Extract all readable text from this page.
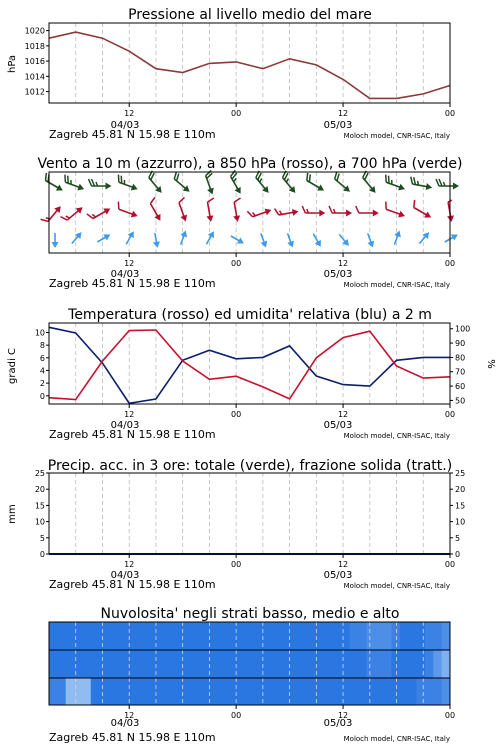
Pressione al livello medio del mare
hPa
1012
1014
1016
1018
1020
12	00	12	00
04/03	05/03
Zagreb 45.81 N 15.98 E 110m	Moloch model, CNR-ISAC, Italy
Vento a 10 m (azzurro), a 850 hPa (rosso), a 700 hPa (verde)
12	00	12	00
04/03	05/03
Zagreb 45.81 N 15.98 E 110m	Moloch model, CNR-ISAC, Italy
Temperatura (rosso) ed umidita' relativa (blu) a 2 m
gradi C	%
0
2
4
6
8
10
50
60
70
80
90
100
12	00	12	00
04/03	05/03
Zagreb 45.81 N 15.98 E 110m	Moloch model, CNR-ISAC, Italy
Precip. acc. in 3 ore: totale (verde), frazione solida (tratt.)
mm
0
5
10
15
20
25
0
5
10
15
20
25
12	00	12	00
04/03	05/03
Zagreb 45.81 N 15.98 E 110m	Moloch model, CNR-ISAC, Italy
Nuvolosita' negli strati basso, medio e alto
12	00	12	00
04/03	05/03
Zagreb 45.81 N 15.98 E 110m	Moloch model, CNR-ISAC, Italy
